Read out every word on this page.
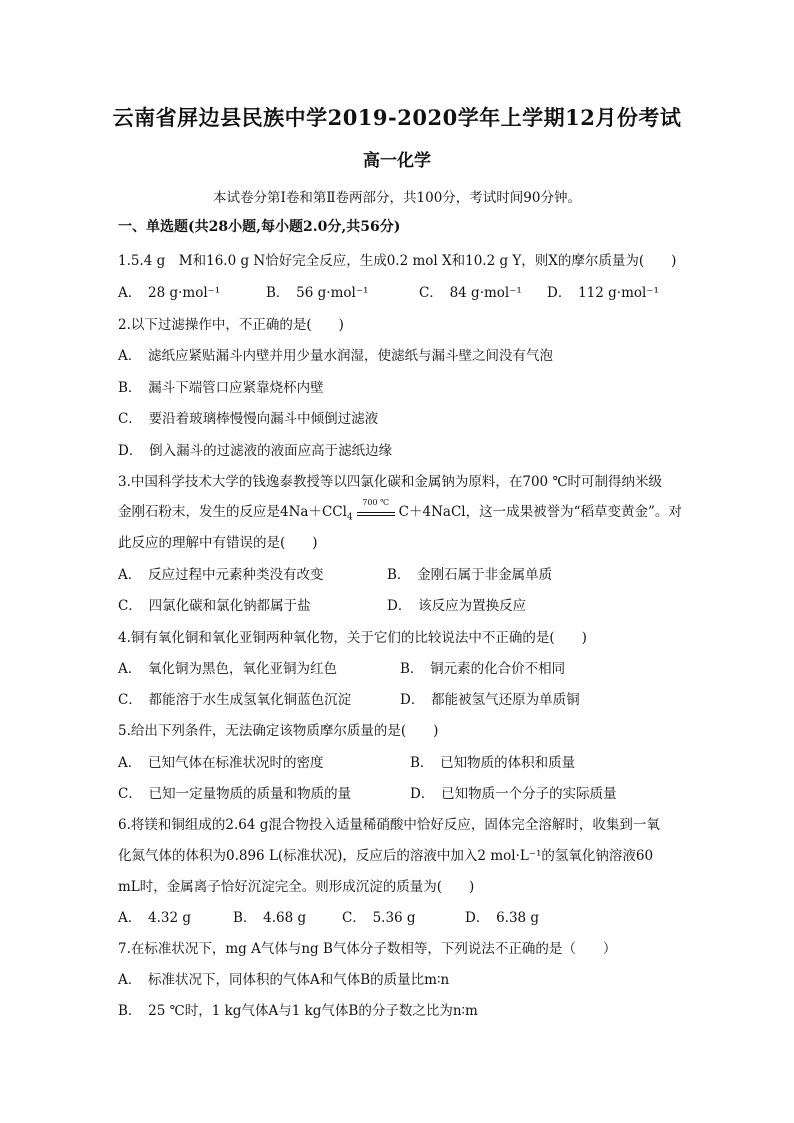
云南省屏边县民族中学2019-2020学年上学期12月份考试
高一化学
本试卷分第Ⅰ卷和第Ⅱ卷两部分，共100分，考试时间90分钟。
一、单选题(共28小题,每小题2.0分,共56分)
1.5.4 g　M和16.0 g N恰好完全反应，生成0.2 mol X和10.2 g Y，则X的摩尔质量为(　　)
A．　28 g·mol⁻¹	B．　56 g·mol⁻¹	C．　84 g·mol⁻¹ D．　112 g·mol⁻¹
2.以下过滤操作中，不正确的是(　　)
A．　滤纸应紧贴漏斗内壁并用少量水润湿，使滤纸与漏斗壁之间没有气泡
B．　漏斗下端管口应紧靠烧杯内壁
C．　要沿着玻璃棒慢慢向漏斗中倾倒过滤液
D．　倒入漏斗的过滤液的液面应高于滤纸边缘
3.中国科学技术大学的钱逸泰教授等以四氯化碳和金属钠为原料，在700 ℃时可制得纳米级
金刚石粉末，发生的反应是4Na＋CCl$_4$
700 ℃
C＋4NaCl，这一成果被誉为“稻草变黄金”。对
此反应的理解中有错误的是(　　)
A．　反应过程中元素种类没有改变	B．　金刚石属于非金属单质
C．　四氯化碳和氯化钠都属于盐	D．　该反应为置换反应
4.铜有氧化铜和氧化亚铜两种氧化物，关于它们的比较说法中不正确的是(　　)
A．　氧化铜为黑色，氧化亚铜为红色	B．　铜元素的化合价不相同
C．　都能溶于水生成氢氧化铜蓝色沉淀	D．　都能被氢气还原为单质铜
5.给出下列条件，无法确定该物质摩尔质量的是(　　)
A．　已知气体在标准状况时的密度	B．　已知物质的体积和质量
C．　已知一定量物质的质量和物质的量	D．　已知物质一个分子的实际质量
6.将镁和铜组成的2.64 g混合物投入适量稀硝酸中恰好反应，固体完全溶解时，收集到一氧
化氮气体的体积为0.896 L(标准状况)，反应后的溶液中加入2 mol·L⁻¹的氢氧化钠溶液60
mL时，金属离子恰好沉淀完全。则形成沉淀的质量为(　　)
A．　4.32 g	B．　4.68 g	C．　5.36 g	D．　6.38 g
7.在标准状况下，mg A气体与ng B气体分子数相等，下列说法不正确的是（　　）
A．　标准状况下，同体积的气体A和气体B的质量比m∶n
B．　25 ℃时，1 kg气体A与1 kg气体B的分子数之比为n∶m
